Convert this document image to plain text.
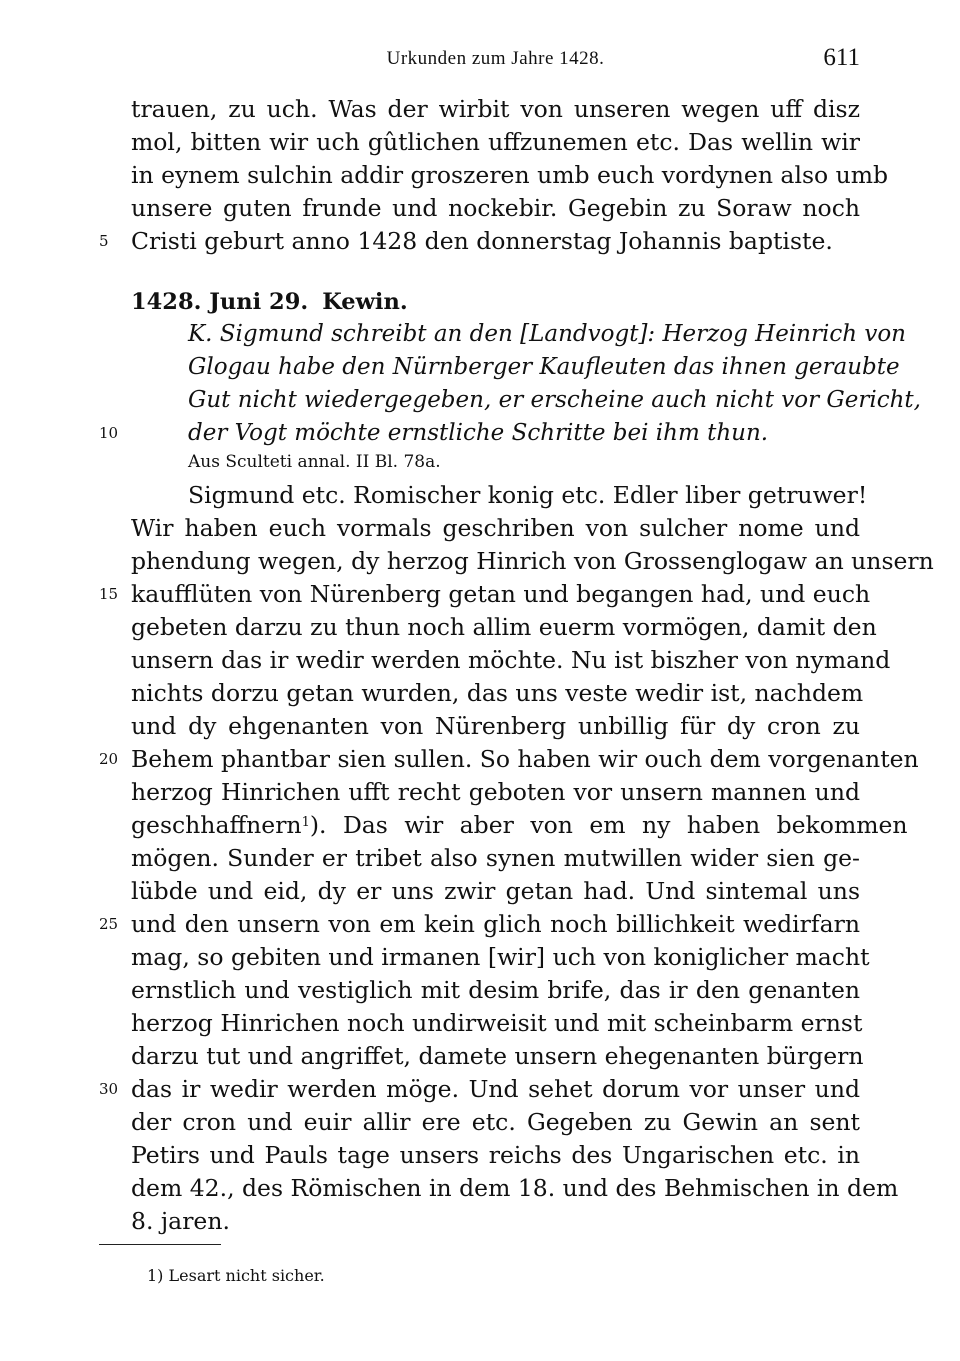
Urkunden zum Jahre 1428.	611
trauen, zu uch. Was der wirbit von unseren wegen uff disz
mol, bitten wir uch gûtlichen uffzunemen etc. Das wellin wir
in eynem sulchin addir groszeren umb euch vordynen also umb
unsere guten frunde und nockebir. Gegebin zu Soraw noch
Cristi geburt anno 1428 den donnerstag Johannis baptiste.
5
1428. Juni 29. Kewin.
K. Sigmund schreibt an den [Landvogt]: Herzog Heinrich von
Glogau habe den Nürnberger Kaufleuten das ihnen geraubte
Gut nicht wiedergegeben, er erscheine auch nicht vor Gericht,
der Vogt möchte ernstliche Schritte bei ihm thun.
10
Aus Sculteti annal. II Bl. 78a.
Sigmund etc. Romischer konig etc. Edler liber getruwer!
Wir haben euch vormals geschriben von sulcher nome und
phendung wegen, dy herzog Hinrich von Grossenglogaw an unsern
kaufflüten von Nürenberg getan und begangen had, und euch
15
gebeten darzu zu thun noch allim euerm vormögen, damit den
unsern das ir wedir werden möchte. Nu ist biszher von nymand
nichts dorzu getan wurden, das uns veste wedir ist, nachdem
und dy ehgenanten von Nürenberg unbillig für dy cron zu
Behem phantbar sien sullen. So haben wir ouch dem vorgenanten
20
herzog Hinrichen ufft recht geboten vor unsern mannen und
geschhaffnern$^1$). Das wir aber von em ny haben bekommen
mögen. Sunder er tribet also synen mutwillen wider sien ge-
lübde und eid, dy er uns zwir getan had. Und sintemal uns
und den unsern von em kein glich noch billichkeit wedirfarn
25
mag, so gebiten und irmanen [wir] uch von koniglicher macht
ernstlich und vestiglich mit desim brife, das ir den genanten
herzog Hinrichen noch undirweisit und mit scheinbarm ernst
darzu tut und angriffet, damete unsern ehegenanten bürgern
das ir wedir werden möge. Und sehet dorum vor unser und
30
der cron und euir allir ere etc. Gegeben zu Gewin an sent
Petirs und Pauls tage unsers reichs des Ungarischen etc. in
dem 42., des Römischen in dem 18. und des Behmischen in dem
8. jaren.
1) Lesart nicht sicher.
